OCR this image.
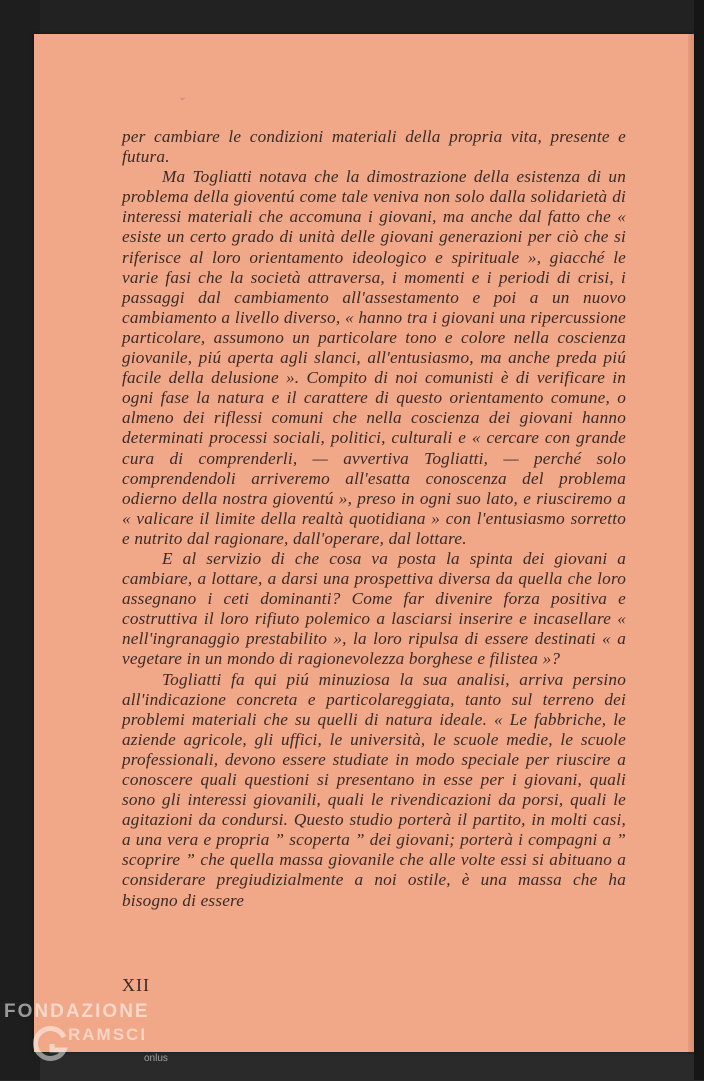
⌄

per cambiare le condizioni materiali della propria vita, presente e futura.

Ma Togliatti notava che la dimostrazione della esistenza di un problema della gioventú come tale veniva non solo dalla solidarietà di interessi materiali che accomuna i giovani, ma anche dal fatto che « esiste un certo grado di unità delle giovani generazioni per ciò che si riferisce al loro orientamento ideologico e spirituale », giacché le varie fasi che la società attraversa, i momenti e i periodi di crisi, i passaggi dal cambiamento all'assestamento e poi a un nuovo cambiamento a livello diverso, « hanno tra i giovani una ripercussione particolare, assumono un particolare tono e colore nella coscienza giovanile, piú aperta agli slanci, all'entusiasmo, ma anche preda piú facile della delusione ». Compito di noi comunisti è di verificare in ogni fase la natura e il carattere di questo orientamento comune, o almeno dei riflessi comuni che nella coscienza dei giovani hanno determinati processi sociali, politici, culturali e « cercare con grande cura di comprenderli, — avvertiva Togliatti, — perché solo comprendendoli arriveremo all'esatta conoscenza del problema odierno della nostra gioventú », preso in ogni suo lato, e riusciremo a « valicare il limite della realtà quotidiana » con l'entusiasmo sorretto e nutrito dal ragionare, dall'operare, dal lottare.

E al servizio di che cosa va posta la spinta dei giovani a cambiare, a lottare, a darsi una prospettiva diversa da quella che loro assegnano i ceti dominanti? Come far divenire forza positiva e costruttiva il loro rifiuto polemico a lasciarsi inserire e incasellare « nell'ingranaggio prestabilito », la loro ripulsa di essere destinati « a vegetare in un mondo di ragionevolezza borghese e filistea »?

Togliatti fa qui piú minuziosa la sua analisi, arriva persino all'indicazione concreta e particolareggiata, tanto sul terreno dei problemi materiali che su quelli di natura ideale. « Le fabbriche, le aziende agricole, gli uffici, le università, le scuole medie, le scuole professionali, devono essere studiate in modo speciale per riuscire a conoscere quali questioni si presentano in esse per i giovani, quali sono gli interessi giovanili, quali le rivendicazioni da porsi, quali le agitazioni da condursi. Questo studio porterà il partito, in molti casi, a una vera e propria ” scoperta ” dei giovani; porterà i compagni a ” scoprire ” che quella massa giovanile che alle volte essi si abituano a considerare pregiudizialmente a noi ostile, è una massa che ha bisogno di essere

XII
FONDAZIONE
RAMSCI
onlus
